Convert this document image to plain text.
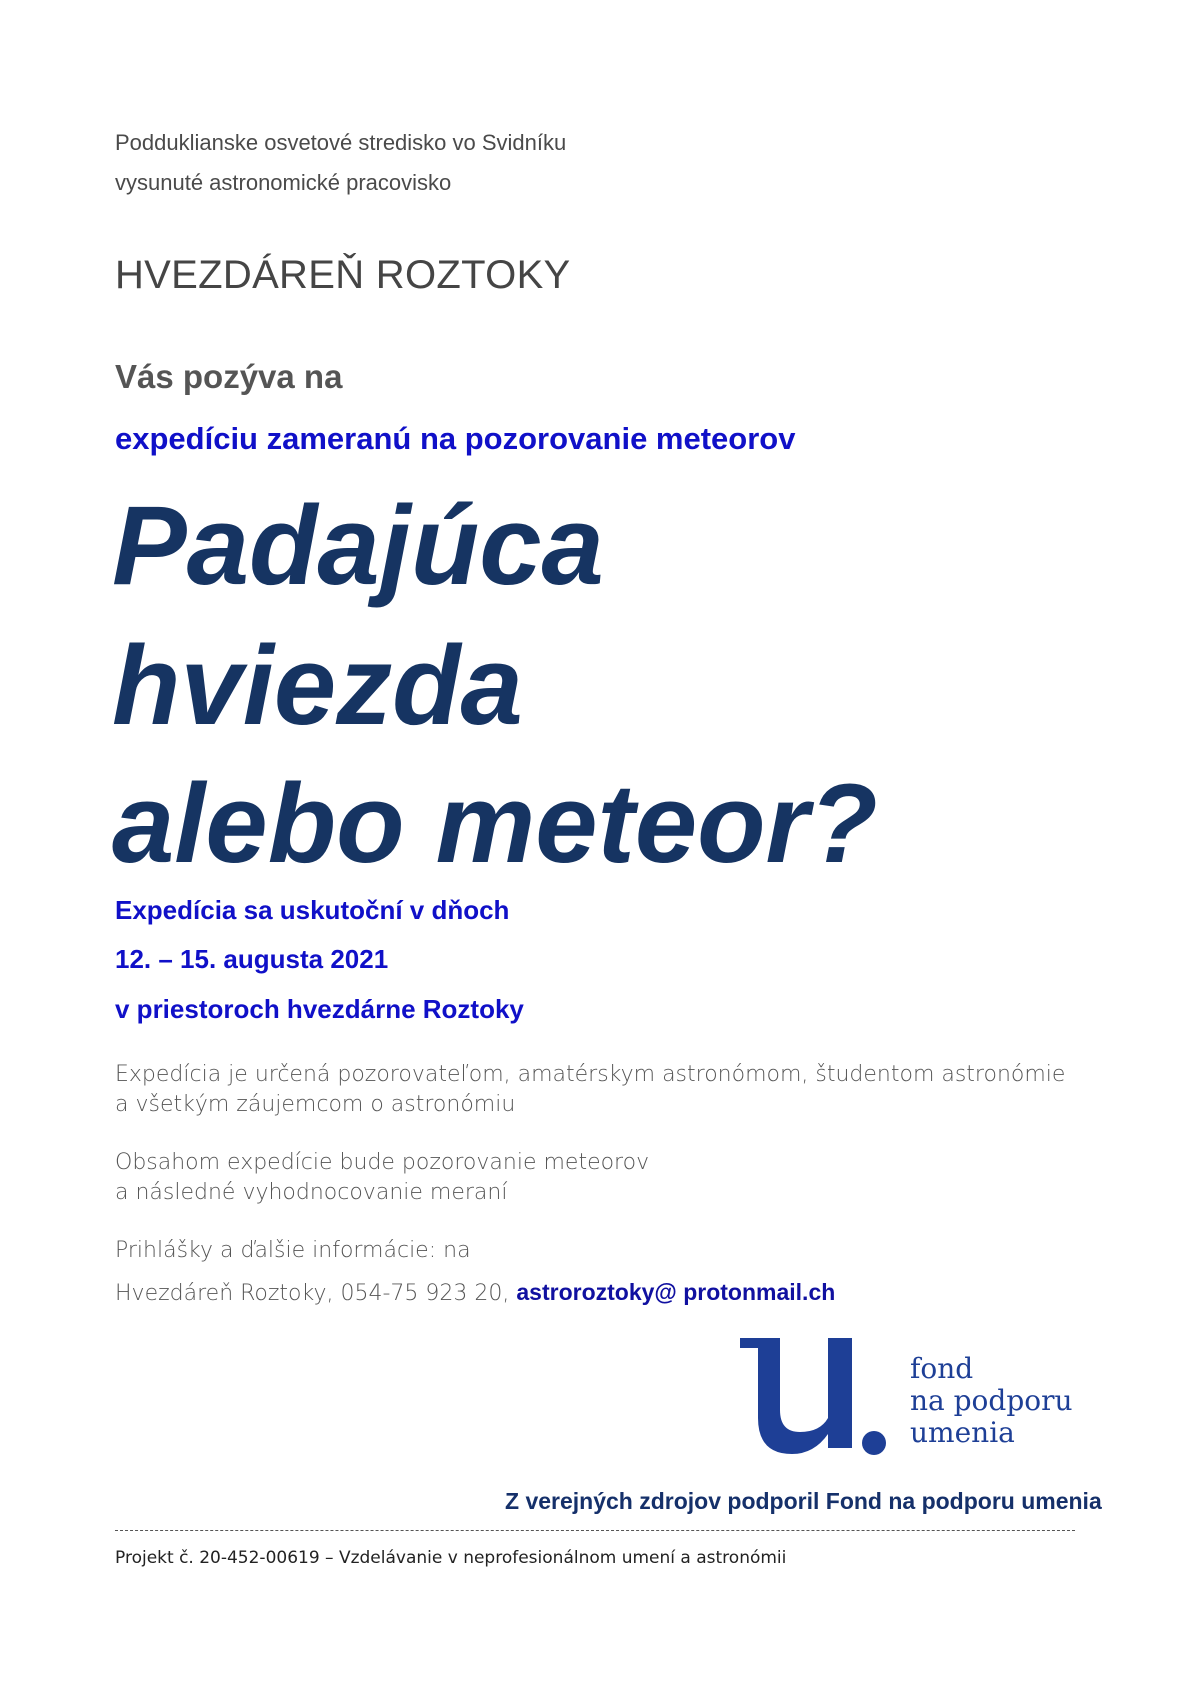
Podduklianske osvetové stredisko vo Svidníku
vysunuté astronomické pracovisko
HVEZDÁREŇ ROZTOKY
Vás pozýva na
expedíciu zameranú na pozorovanie meteorov
Padajúca
hviezda
alebo meteor?
Expedícia sa uskutoční v dňoch
12. – 15. augusta 2021
v priestoroch hvezdárne Roztoky
Expedícia je určená pozorovateľom, amatérskym astronómom, študentom astronómie
a všetkým záujemcom o astronómiu
Obsahom expedície bude pozorovanie meteorov
a následné vyhodnocovanie meraní
Prihlášky a ďalšie informácie: na
Hvezdáreň Roztoky, 054-75 923 20, astroroztoky@ protonmail.ch
fond
na podporu
umenia
Z verejných zdrojov podporil Fond na podporu umenia
Projekt č. 20-452-00619 – Vzdelávanie v neprofesionálnom umení a astronómii
